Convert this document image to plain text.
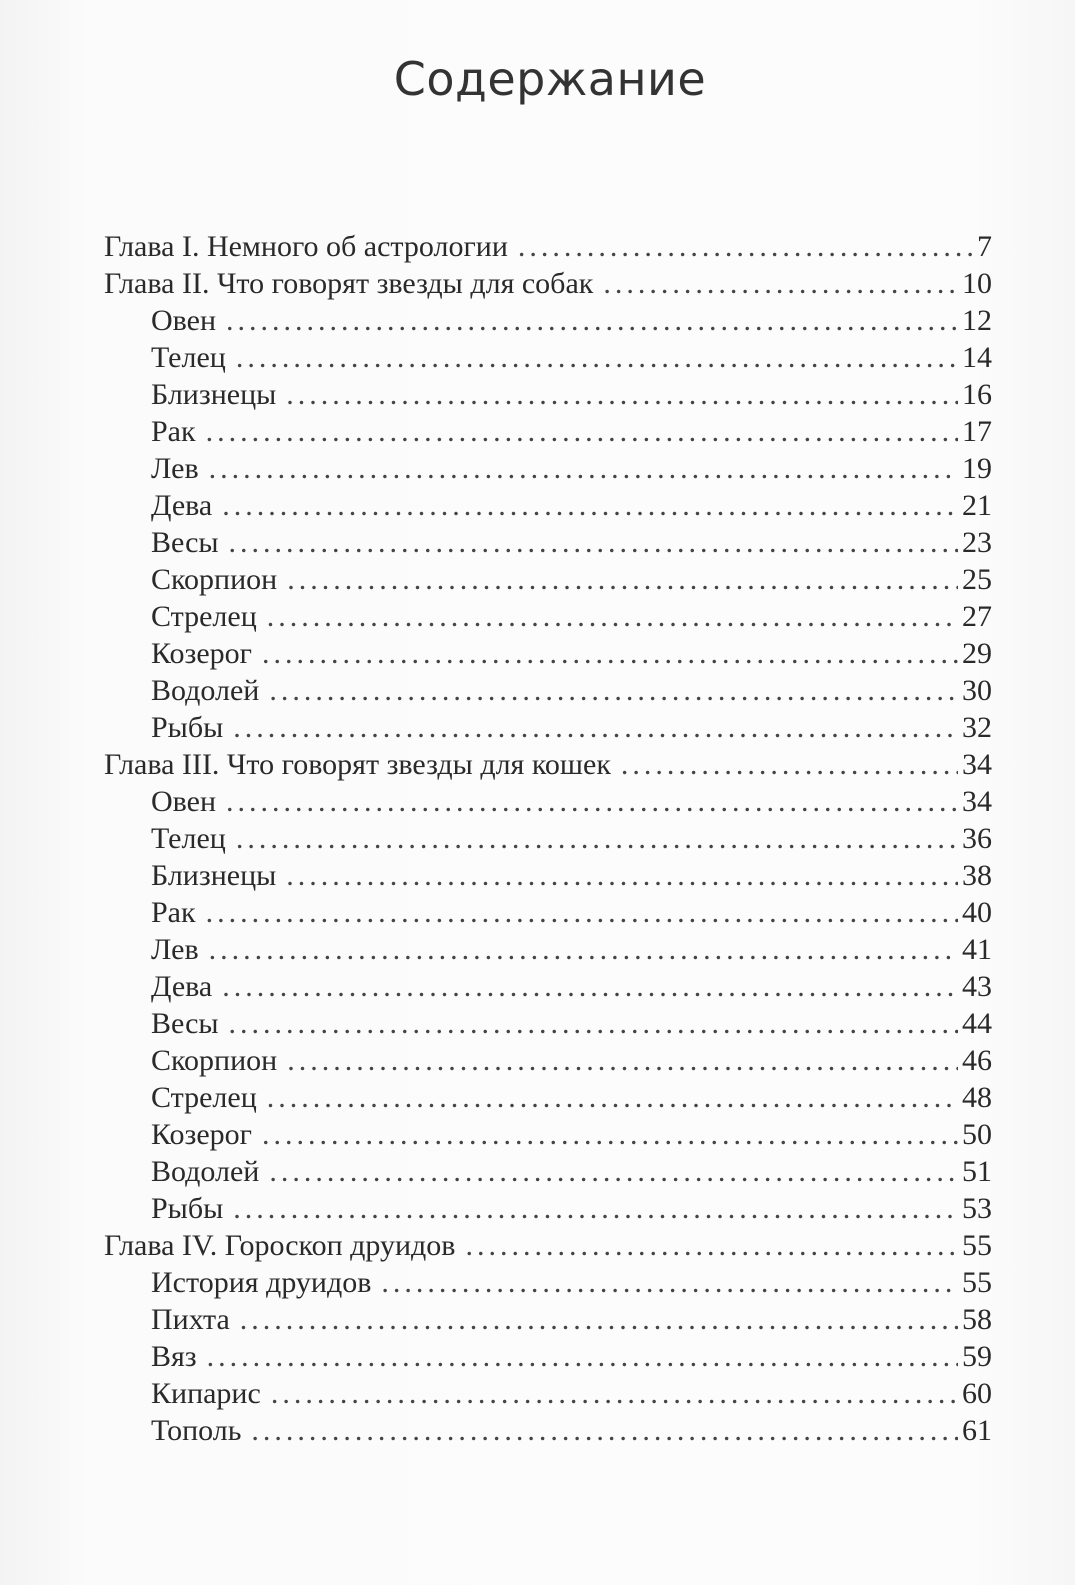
Содержание
Глава I. Немного об астрологии .....	7
Глава II. Что говорят звезды для собак .....	10
Овен .....	12
Телец .....	14
Близнецы .....	16
Рак .....	17
Лев .....	19
Дева .....	21
Весы .....	23
Скорпион .....	25
Стрелец .....	27
Козерог .....	29
Водолей .....	30
Рыбы .....	32
Глава III. Что говорят звезды для кошек .....	34
Овен .....	34
Телец .....	36
Близнецы .....	38
Рак .....	40
Лев .....	41
Дева .....	43
Весы .....	44
Скорпион .....	46
Стрелец .....	48
Козерог .....	50
Водолей .....	51
Рыбы .....	53
Глава IV. Гороскоп друидов .....	55
История друидов .....	55
Пихта .....	58
Вяз .....	59
Кипарис .....	60
Тополь .....	61
